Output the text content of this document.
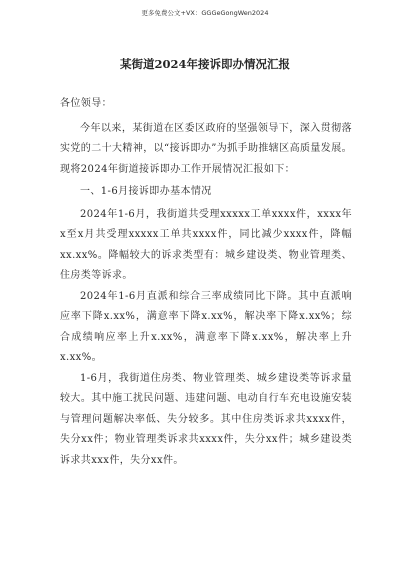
更多免费公文+VX：GGGeGongWen2024
某街道2024年接诉即办情况汇报

各位领导：

今年以来，某街道在区委区政府的坚强领导下，深入贯彻落实党的二十大精神，以“接诉即办”为抓手助推辖区高质量发展。现将2024年街道接诉即办工作开展情况汇报如下：

一、1-6月接诉即办基本情况

2024年1-6月，我街道共受理xxxxx工单xxxx件，xxxx年x至x月共受理xxxxx工单共xxxx件，同比减少xxxx件，降幅xx.xx%。降幅较大的诉求类型有：城乡建设类、物业管理类、住房类等诉求。

2024年1-6月直派和综合三率成绩同比下降。其中直派响应率下降x.xx%，满意率下降x.xx%，解决率下降x.xx%；综合成绩响应率上升x.xx%，满意率下降x.xx%，解决率上升x.xx%。

1-6月，我街道住房类、物业管理类、城乡建设类等诉求量较大。其中施工扰民问题、违建问题、电动自行车充电设施安装与管理问题解决率低、失分较多。其中住房类诉求共xxxx件，失分xx件；物业管理类诉求共xxxx件，失分xx件；城乡建设类诉求共xxx件，失分xx件。
